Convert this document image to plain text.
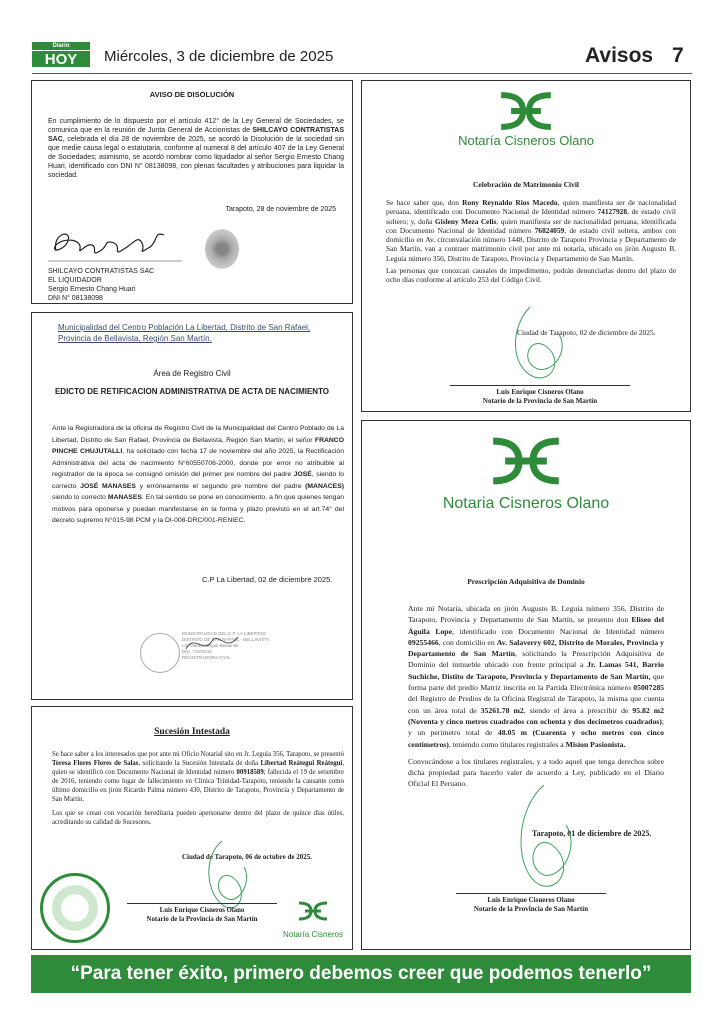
Diario
HOY	Miércoles, 3 de diciembre de 2025	Avisos 7
AVISO DE DISOLUCIÓN
En cumplimiento de lo dispuesto por el artículo 412° de la Ley General de Sociedades, se comunica que en la reunión de Junta General de Accionistas de SHILCAYO CONTRATISTAS SAC, celebrada el día 28 de noviembre de 2025, se acordó la Disolución de la sociedad sin que medie causa legal o estatutaria, conforme al numeral 8 del artículo 407 de la Ley General de Sociedades; asimismo, se acordó nombrar como liquidador al señor Sergio Ernesto Chang Huari, identificado con DNI N° 08138098, con plenas facultades y atribuciones para liquidar la sociedad.
Tarapoto, 28 de noviembre de 2025
SHILCAYO CONTRATISTAS SAC
EL LIQUIDADOR
Sergio Ernesto Chang Huari
DNI N° 08138098
Municipalidad del Centro Población La Libertad, Distrito de San Rafael,
Provincia de Bellavista, Región San Martín.
Área de Registro Civil
EDICTO DE RETIFICACION ADMINISTRATIVA DE ACTA DE NACIMIENTO
Ante la Registradora de la oficina de Registro Civil de la Municipalidad del Centro Poblado de La Libertad, Distrito de San Rafael, Provincia de Bellavista, Región San Martín, el señor FRANCO PINCHE CHUJUTALLI, ha solicitado con fecha 17 de noviembre del año 2025, la Rectificación Administrativa del acta de nacimiento N°60550706-2000, donde por error no atribuible al registrador de la época se consignó omisión del primer pre nombre del padre JOSÉ, siendo lo correcto JOSÉ MANASES y erróneamente el segundo pre nombre del padre (MANACES) siendo lo correcto MANASES. En tal sentido se pone en conocimiento, a fin que quienes tengan motivos para oponerse y puedan manifestarse en la forma y plazo previsto en el art.74° del decreto supremo N°015-98 PCM y la DI-008-DRC/001-RENIEC.
C.P La Libertad, 02 de diciembre 2025.
MUNICIPALIDAD DEL C.P. LA LIBERTAD
DISTRITO DE SAN RAFAEL - BELLAVISTA
Lily Maribel Bayuk Belaunde
DNI. 71875110
REGISTRADORA CIVIL
Sucesión Intestada

Se hace saber a los interesados que por ante mi Oficio Notarial sito en Jr. Leguía 356, Tarapoto, se presentó Teresa Flores Flores de Salas, solicitando la Sucesión Intestada de doña Libertad Reátegui Reátegui, quien se identificó con Documento Nacional de Identidad número 00918589; fallecida el 19 de setiembre de 2016, teniendo como lugar de fallecimiento en Clínica Trinidad-Tarapoto, teniendo la causante como último domicilio en jirón Ricardo Palma número 430, Distrito de Tarapoto, Provincia y Departamento de San Martín.

Los que se crean con vocación hereditaria pueden apersonarse dentro del plazo de quince días útiles, acreditando su calidad de Sucesores.

Ciudad de Tarapoto, 06 de octubre de 2025.
Luis Enrique Cisneros Olano
Notario de la Provincia de San Martín
Notaría Cisneros
Notaría Cisneros Olano
Celebración de Matrimonio Civil

Se hace saber que, don Rony Reynaldo Rios Macedo, quien manifiesta ser de nacionalidad peruana, identificado con Documento Nacional de Identidad número 74127928, de estado civil soltero; y, doña Gisleny Meza Celis, quien manifiesta ser de nacionalidad peruana, identificada con Documento Nacional de Identidad número 76824059, de estado civil soltera, ambos con domicilio en Av. circunvalación número 1448, Distrito de Tarapoto Provincia y Departamento de San Martín, van a contraer matrimonio civil por ante mi notaría, ubicado en jirón Augusto B. Leguía número 356, Distrito de Tarapoto, Provincia y Departamento de San Martín.

Las personas que conozcan causales de impedimento, podrán denunciarlas dentro del plazo de ocho días conforme al artículo 253 del Código Civil.

Ciudad de Tarapoto, 02 de diciembre de 2025.
Luis Enrique Cisneros Olano
Notario de la Provincia de San Martín
Notaria Cisneros Olano
Prescripción Adquisitiva de Dominio

Ante mi Notaría, ubicada en jirón Augusto B. Leguía número 356, Distrito de Tarapoto, Provincia y Departamento de San Martín, se presento don Eliseo del Águila Lope, identificado con Documento Nacional de Identidad número 09255466, con domicilio en Av. Salaverry 602, Distrito de Morales, Provincia y Departamento de San Martín, solicitando la Prescripción Adquisitiva de Dominio del inmueble ubicado con frente principal a Jr. Lamas 541, Barrio Suchiche, Distito de Tarapoto, Provincia y Departamento de San Martín, que forma parte del predio Matriz inscrita en la Partida Electrónica número 05007285 del Registro de Predios de la Oficina Registral de Tarapoto, la misma que cuenta con un área total de 35261.78 m2, siendo el área a prescribir de 95.82 m2 (Noventa y cinco metros cuadrados con ochenta y dos decimetros cuadrados); y un perímetro total de 48.05 m (Cuarenta y ocho metros con cinco centímetros), teniendo como titulares registrales a Mision Pasionista.

Convocándose a los titulares registrales, y a todo aquel que tenga derechos sobre dicha propiedad para hacerlo valer de acuerdo a Ley, publicado en el Diario Oficial El Peruano.

Tarapoto, 01 de diciembre de 2025.
Luis Enrique Cisneros Olano
Notario de la Provincia de San Martín
“Para tener éxito, primero debemos creer que podemos tenerlo”
